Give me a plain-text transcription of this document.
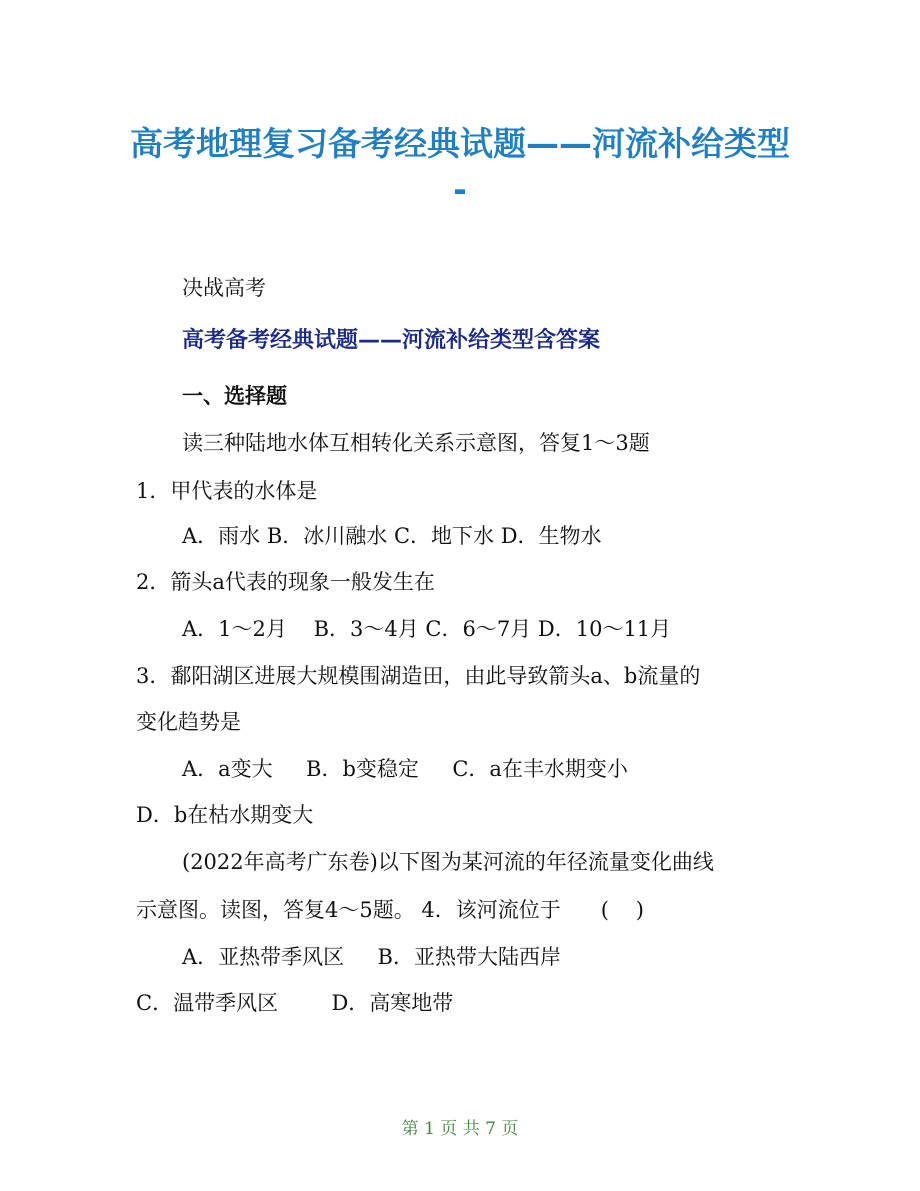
高考地理复习备考经典试题——河流补给类型
-
决战高考
高考备考经典试题——河流补给类型含答案
一、选择题
读三种陆地水体互相转化关系示意图，答复1～3题
1．甲代表的水体是
A．雨水 B．冰川融水 C．地下水 D．生物水
2．箭头a代表的现象一般发生在
A．1～2月    B．3～4月 C．6～7月 D．10～11月
3．鄱阳湖区进展大规模围湖造田，由此导致箭头a、b流量的
变化趋势是
A．a变大     B．b变稳定     C．a在丰水期变小
D．b在枯水期变大
(2022年高考广东卷)以下图为某河流的年径流量变化曲线
示意图。读图，答复4～5题。 4．该河流位于      (    )
A．亚热带季风区     B．亚热带大陆西岸
C．温带季风区        D．高寒地带
第 1 页 共 7 页
